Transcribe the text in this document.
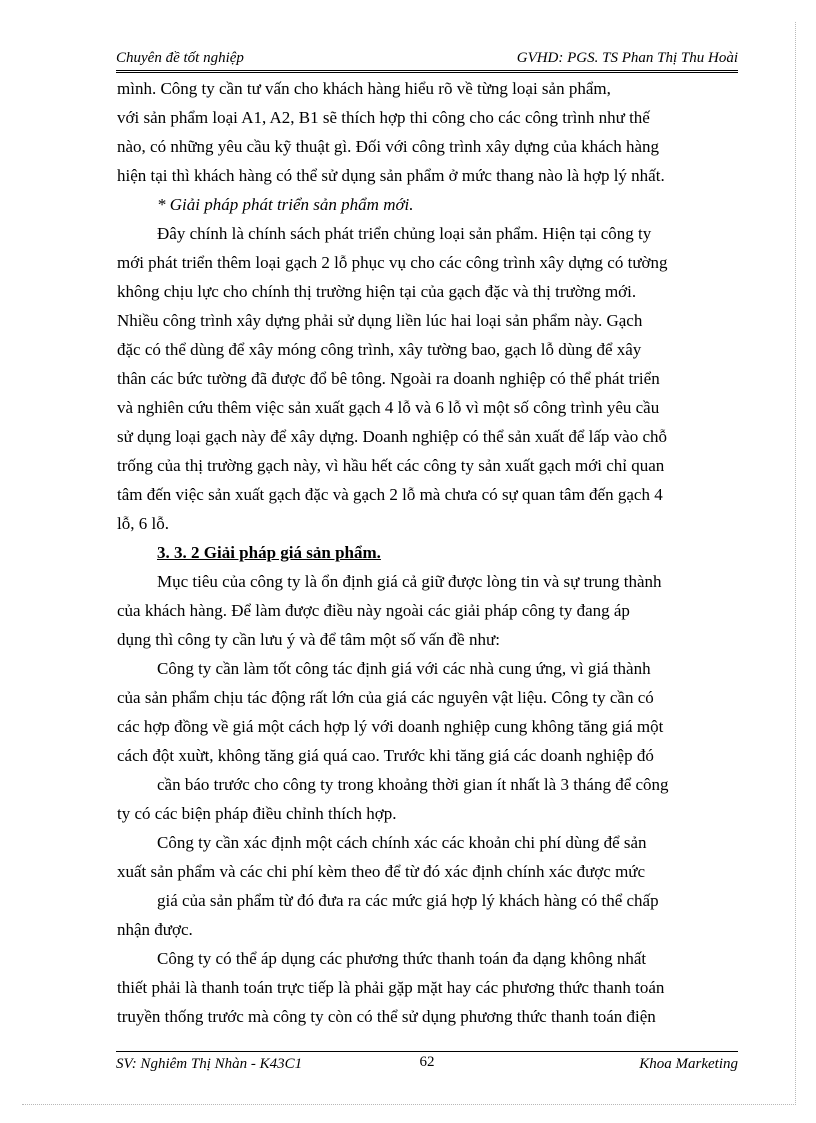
Chuyên đề tốt nghiệp	GVHD: PGS. TS Phan Thị Thu Hoài

mình. Công ty cần tư vấn cho khách hàng hiểu rõ về từng loại sản phẩm,

với sản phẩm loại A1, A2, B1 sẽ thích hợp thi công cho các công trình như thế

nào, có những yêu cầu kỹ thuật gì. Đối với công trình xây dựng của khách hàng

hiện tại thì khách hàng có thể sử dụng sản phẩm ở mức thang nào là hợp lý nhất.

* Giải pháp phát triển sản phẩm mới.

Đây chính là chính sách phát triển chủng loại sản phẩm. Hiện tại công ty

mới phát triển thêm loại gạch 2 lỗ phục vụ cho các công trình xây dựng có tường

không chịu lực cho chính thị trường hiện tại của gạch đặc và thị trường mới.

Nhiều công trình xây dựng phải sử dụng liền lúc hai loại sản phẩm này. Gạch

đặc có thể dùng để xây móng công trình, xây tường bao, gạch lỗ dùng để xây

thân các bức tường đã được đổ bê tông. Ngoài ra doanh nghiệp có thể phát triển

và nghiên cứu thêm việc sản xuất gạch 4 lỗ và 6 lỗ vì một số công trình yêu cầu

sử dụng loại gạch này để xây dựng. Doanh nghiệp có thể sản xuất để lấp vào chỗ

trống của thị trường gạch này, vì hầu hết các công ty sản xuất gạch mới chỉ quan

tâm đến việc sản xuất gạch đặc và gạch 2 lỗ mà chưa có sự quan tâm đến gạch 4

lỗ, 6 lỗ.

3. 3. 2 Giải pháp giá sản phẩm.

Mục tiêu của công ty là ổn định giá cả giữ được lòng tin và sự trung thành

của khách hàng. Để làm được điều này ngoài các giải pháp công ty đang áp

dụng thì công ty cần lưu ý và để tâm một số vấn đề như:

Công ty cần làm tốt công tác định giá với các nhà cung ứng, vì giá thành

của sản phẩm chịu tác động rất lớn của giá các nguyên vật liệu. Công ty cần có

các hợp đồng về giá một cách hợp lý với doanh nghiệp cung không tăng giá một

cách đột xuừt, không tăng giá quá cao. Trước khi tăng giá các doanh nghiệp đó

cần báo trước cho công ty trong khoảng thời gian ít nhất là 3 tháng để công

ty có các biện pháp điều chỉnh thích hợp.

Công ty cần xác định một cách chính xác các khoản chi phí dùng để sản

xuất sản phẩm và các chi phí kèm theo để từ đó xác định chính xác được mức

giá của sản phẩm từ đó đưa ra các mức giá hợp lý khách hàng có thể chấp

nhận được.

Công ty có thể áp dụng các phương thức thanh toán đa dạng không nhất

thiết phải là thanh toán trực tiếp là phải gặp mặt hay các phương thức thanh toán

truyền thống trước mà công ty còn có thể sử dụng phương thức thanh toán điện

SV: Nghiêm Thị Nhàn - K43C1	62	Khoa Marketing
